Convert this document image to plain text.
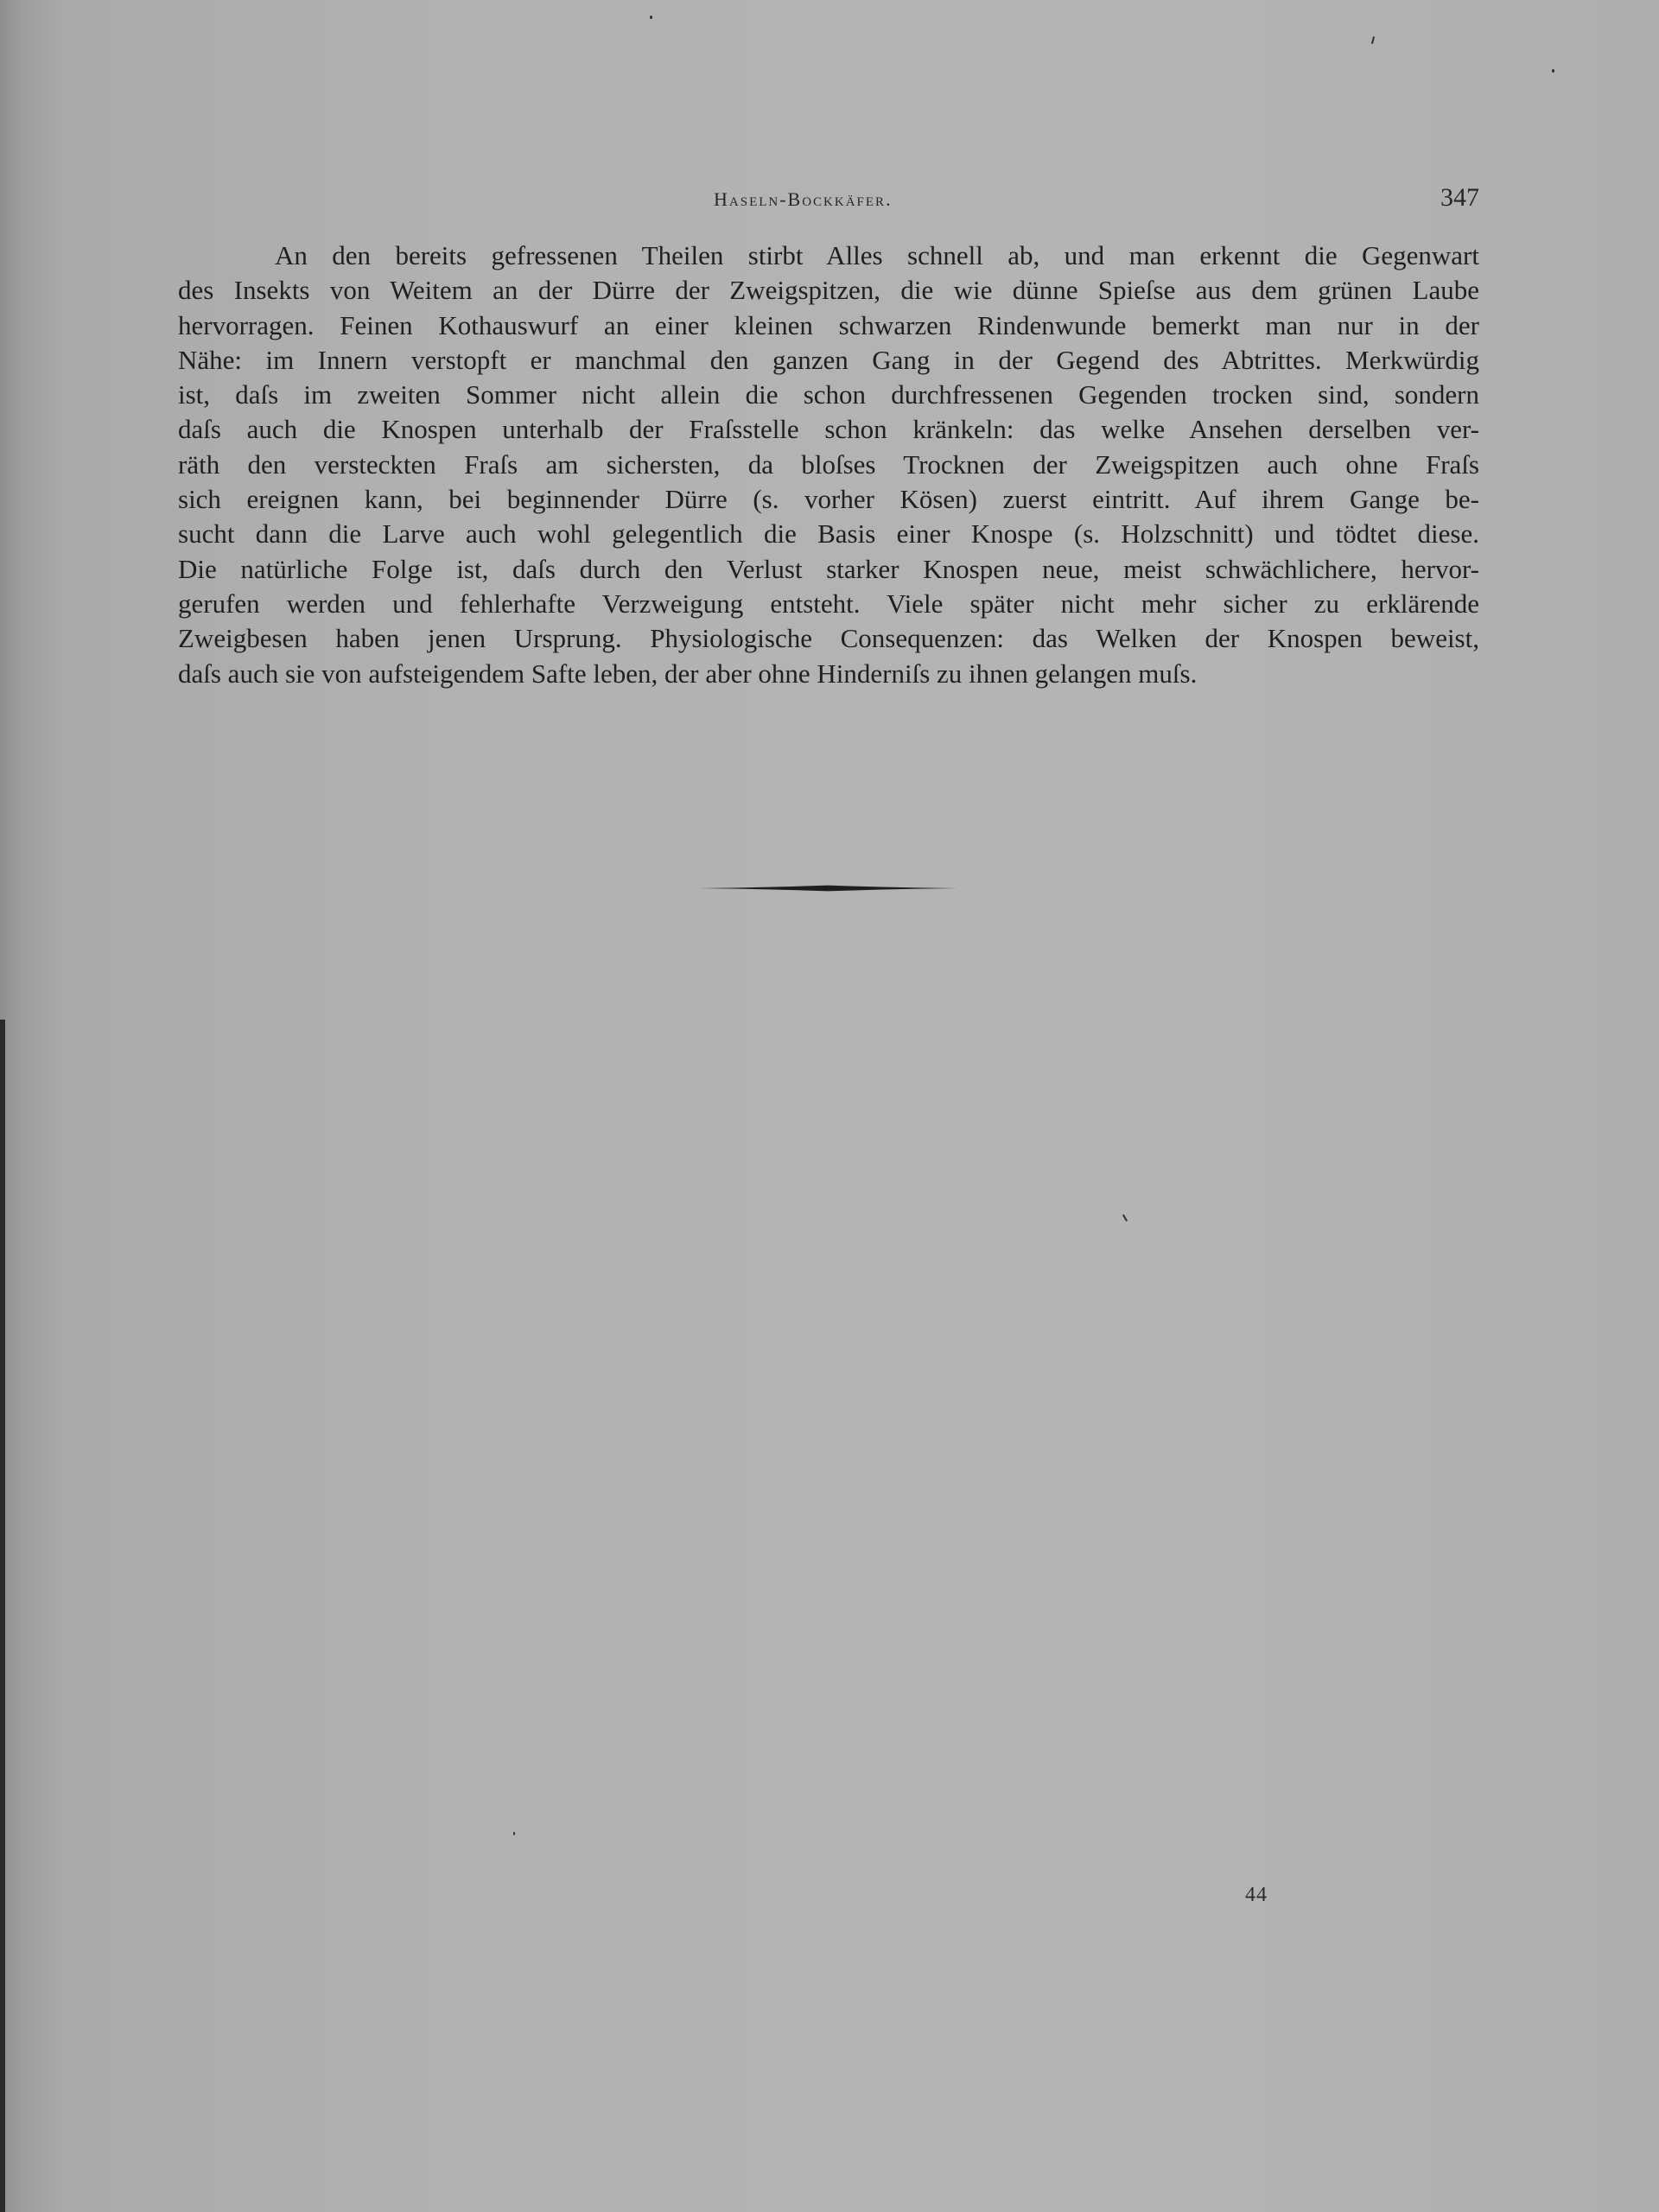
Haseln-Bockkäfer.	347
An den bereits gefressenen Theilen stirbt Alles schnell ab, und man erkennt die Gegenwart
des Insekts von Weitem an der Dürre der Zweigspitzen, die wie dünne Spieſse aus dem grünen Laube
hervorragen. Feinen Kothauswurf an einer kleinen schwarzen Rindenwunde bemerkt man nur in der
Nähe: im Innern verstopft er manchmal den ganzen Gang in der Gegend des Abtrittes. Merkwürdig
ist, daſs im zweiten Sommer nicht allein die schon durchfressenen Gegenden trocken sind, sondern
daſs auch die Knospen unterhalb der Fraſsstelle schon kränkeln: das welke Ansehen derselben ver-
räth den versteckten Fraſs am sichersten, da bloſses Trocknen der Zweigspitzen auch ohne Fraſs
sich ereignen kann, bei beginnender Dürre (s. vorher Kösen) zuerst eintritt. Auf ihrem Gange be-
sucht dann die Larve auch wohl gelegentlich die Basis einer Knospe (s. Holzschnitt) und tödtet diese.
Die natürliche Folge ist, daſs durch den Verlust starker Knospen neue, meist schwächlichere, hervor-
gerufen werden und fehlerhafte Verzweigung entsteht. Viele später nicht mehr sicher zu erklärende
Zweigbesen haben jenen Ursprung. Physiologische Consequenzen: das Welken der Knospen beweist,
daſs auch sie von aufsteigendem Safte leben, der aber ohne Hinderniſs zu ihnen gelangen muſs.
44
